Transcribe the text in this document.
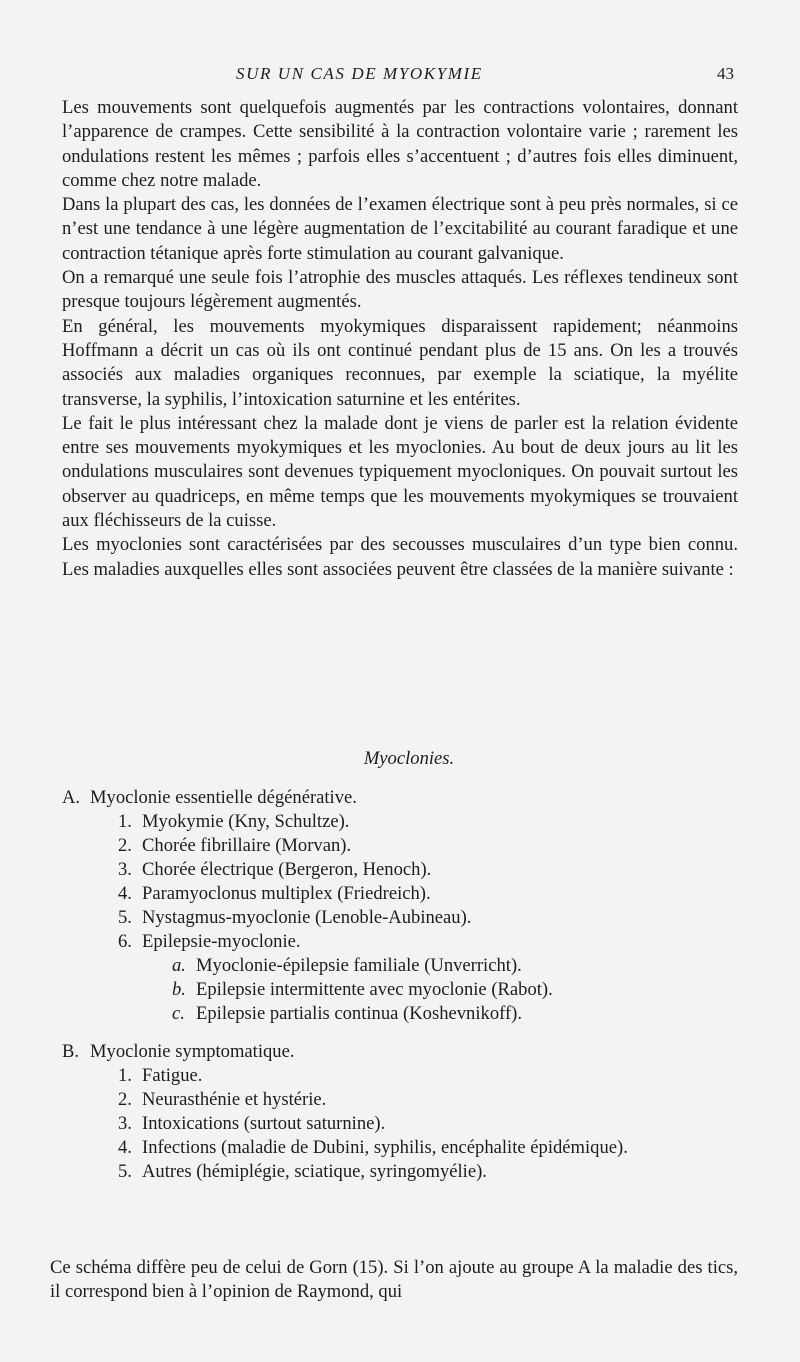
SUR UN CAS DE MYOKYMIE	43

Les mouvements sont quelquefois augmentés par les contractions volontaires, donnant l’apparence de crampes. Cette sensibilité à la contraction volontaire varie ; rarement les ondulations restent les mêmes ; parfois elles s’accentuent ; d’autres fois elles diminuent, comme chez notre malade.

Dans la plupart des cas, les données de l’examen électrique sont à peu près normales, si ce n’est une tendance à une légère augmentation de l’excitabilité au courant faradique et une contraction tétanique après forte stimulation au courant galvanique.

On a remarqué une seule fois l’atrophie des muscles attaqués. Les réflexes tendineux sont presque toujours légèrement augmentés.

En général, les mouvements myokymiques disparaissent rapidement; néanmoins Hoffmann a décrit un cas où ils ont continué pendant plus de 15 ans. On les a trouvés associés aux maladies organiques reconnues, par exemple la sciatique, la myélite transverse, la syphilis, l’intoxication saturnine et les entérites.

Le fait le plus intéressant chez la malade dont je viens de parler est la relation évidente entre ses mouvements myokymiques et les myoclonies. Au bout de deux jours au lit les ondulations musculaires sont devenues typiquement myocloniques. On pouvait surtout les observer au quadriceps, en même temps que les mouvements myokymiques se trouvaient aux fléchisseurs de la cuisse.

Les myoclonies sont caractérisées par des secousses musculaires d’un type bien connu. Les maladies auxquelles elles sont associées peuvent être classées de la manière suivante :

Myoclonies.
A. Myoclonie essentielle dégénérative.
1. Myokymie (Kny, Schultze).
2. Chorée fibrillaire (Morvan).
3. Chorée électrique (Bergeron, Henoch).
4. Paramyoclonus multiplex (Friedreich).
5. Nystagmus-myoclonie (Lenoble-Aubineau).
6. Epilepsie-myoclonie.
a. Myoclonie-épilepsie familiale (Unverricht).
b. Epilepsie intermittente avec myoclonie (Rabot).
c. Epilepsie partialis continua (Koshevnikoff).
B. Myoclonie symptomatique.
1. Fatigue.
2. Neurasthénie et hystérie.
3. Intoxications (surtout saturnine).
4. Infections (maladie de Dubini, syphilis, encéphalite épidémique).
5. Autres (hémiplégie, sciatique, syringomyélie).
Ce schéma diffère peu de celui de Gorn (15). Si l’on ajoute au groupe A la maladie des tics, il correspond bien à l’opinion de Raymond, qui
